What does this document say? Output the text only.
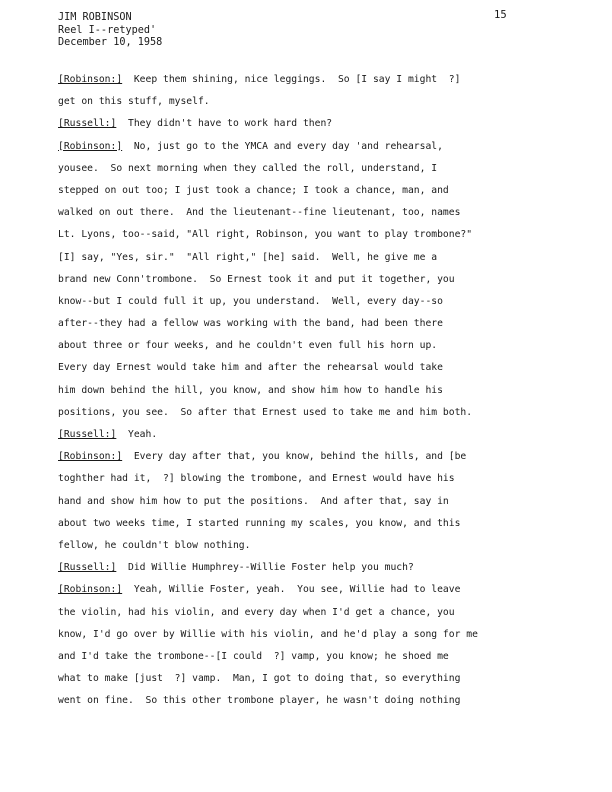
JIM ROBINSON
Reel I--retyped'
December 10, 1958
15
[Robinson:]  Keep them shining, nice leggings.  So [I say I might  ?]
get on this stuff, myself.
[Russell:]  They didn't have to work hard then?
[Robinson:]  No, just go to the YMCA and every day 'and rehearsal,
yousee.  So next morning when they called the roll, understand, I
stepped on out too; I just took a chance; I took a chance, man, and
walked on out there.  And the lieutenant--fine lieutenant, too, names
Lt. Lyons, too--said, "All right, Robinson, you want to play trombone?"
[I] say, "Yes, sir."  "All right," [he] said.  Well, he give me a
brand new Conn'trombone.  So Ernest took it and put it together, you
know--but I could full it up, you understand.  Well, every day--so
after--they had a fellow was working with the band, had been there
about three or four weeks, and he couldn't even full his horn up.
Every day Ernest would take him and after the rehearsal would take
him down behind the hill, you know, and show him how to handle his
positions, you see.  So after that Ernest used to take me and him both.
[Russell:]  Yeah.
[Robinson:]  Every day after that, you know, behind the hills, and [be
toghther had it,  ?] blowing the trombone, and Ernest would have his
hand and show him how to put the positions.  And after that, say in
about two weeks time, I started running my scales, you know, and this
fellow, he couldn't blow nothing.
[Russell:]  Did Willie Humphrey--Willie Foster help you much?
[Robinson:]  Yeah, Willie Foster, yeah.  You see, Willie had to leave
the violin, had his violin, and every day when I'd get a chance, you
know, I'd go over by Willie with his violin, and he'd play a song for me
and I'd take the trombone--[I could  ?] vamp, you know; he shoed me
what to make [just  ?] vamp.  Man, I got to doing that, so everything
went on fine.  So this other trombone player, he wasn't doing nothing
